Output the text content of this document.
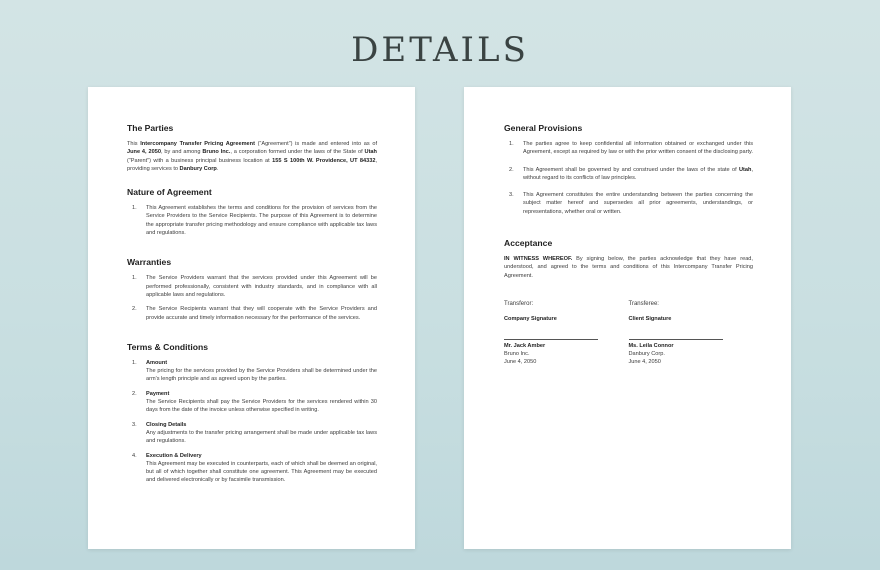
DETAILS
The Parties

This Intercompany Transfer Pricing Agreement (“Agreement”) is made and entered into as of June 4, 2050, by and among Bruno Inc., a corporation formed under the laws of the State of Utah (“Parent”) with a business principal business location at 155 S 100th W. Providence, UT 84332, providing services to Danbury Corp.

Nature of Agreement
1.	This Agreement establishes the terms and conditions for the provision of services from the Service Providers to the Service Recipients. The purpose of this Agreement is to determine the appropriate transfer pricing methodology and ensure compliance with applicable tax laws and regulations.
Warranties
1.	The Service Providers warrant that the services provided under this Agreement will be performed professionally, consistent with industry standards, and in compliance with all applicable laws and regulations.
2.	The Service Recipients warrant that they will cooperate with the Service Providers and provide accurate and timely information necessary for the performance of the services.
Terms & Conditions
1.	Amount
The pricing for the services provided by the Service Providers shall be determined under the arm's length principle and as agreed upon by the parties.
2.	Payment
The Service Recipients shall pay the Service Providers for the services rendered within 30 days from the date of the invoice unless otherwise specified in writing.
3.	Closing Details
Any adjustments to the transfer pricing arrangement shall be made under applicable tax laws and regulations.
4.	Execution & Delivery
This Agreement may be executed in counterparts, each of which shall be deemed an original, but all of which together shall constitute one agreement. This Agreement may be executed and delivered electronically or by facsimile transmission.
General Provisions
1.	The parties agree to keep confidential all information obtained or exchanged under this Agreement, except as required by law or with the prior written consent of the disclosing party.
2.	This Agreement shall be governed by and construed under the laws of the state of Utah, without regard to its conflicts of law principles.
3.	This Agreement constitutes the entire understanding between the parties concerning the subject matter hereof and supersedes all prior agreements, understandings, or representations, whether oral or written.
Acceptance

IN WITNESS WHEREOF. By signing below, the parties acknowledge that they have read, understood, and agreed to the terms and conditions of this Intercompany Transfer Pricing Agreement.

Transferor:
Company Signature
Mr. Jack Amber
Bruno Inc.
June 4, 2050
Transferee:
Client Signature
Ms. Leila Connor
Danbury Corp.
June 4, 2050
